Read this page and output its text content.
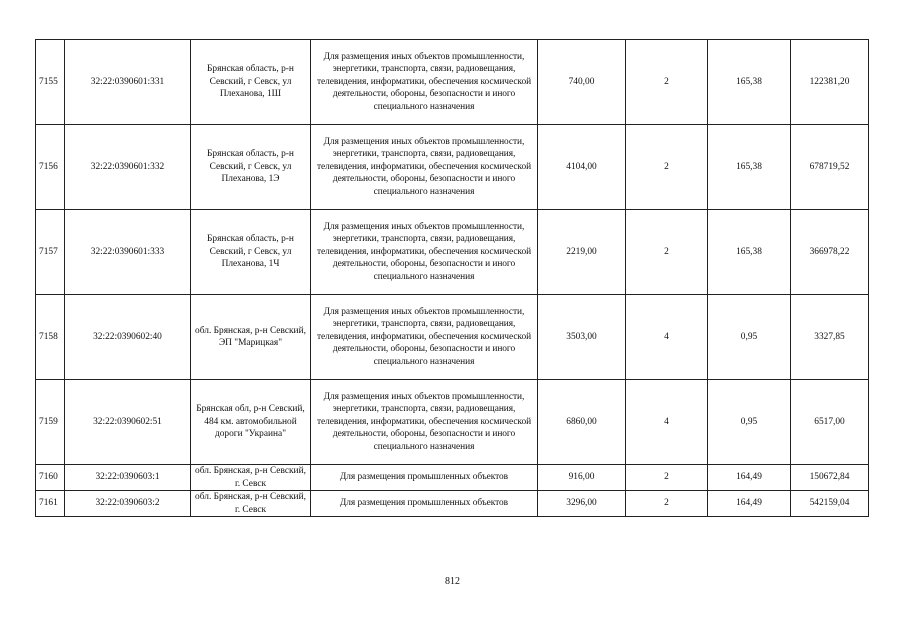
7155	32:22:0390601:331	Брянская область, р-н Севский, г Севск, ул Плеханова, 1Ш	Для размещения иных объектов промышленности, энергетики, транспорта, связи, радиовещания, телевидения, информатики, обеспечения космической деятельности, обороны, безопасности и иного специального назначения	740,00	2	165,38	122381,20
7156	32:22:0390601:332	Брянская область, р-н Севский, г Севск, ул Плеханова, 1Э	Для размещения иных объектов промышленности, энергетики, транспорта, связи, радиовещания, телевидения, информатики, обеспечения космической деятельности, обороны, безопасности и иного специального назначения	4104,00	2	165,38	678719,52
7157	32:22:0390601:333	Брянская область, р-н Севский, г Севск, ул Плеханова, 1Ч	Для размещения иных объектов промышленности, энергетики, транспорта, связи, радиовещания, телевидения, информатики, обеспечения космической деятельности, обороны, безопасности и иного специального назначения	2219,00	2	165,38	366978,22
7158	32:22:0390602:40	обл. Брянская, р-н Севский, ЭП "Марицкая"	Для размещения иных объектов промышленности, энергетики, транспорта, связи, радиовещания, телевидения, информатики, обеспечения космической деятельности, обороны, безопасности и иного специального назначения	3503,00	4	0,95	3327,85
7159	32:22:0390602:51	Брянская обл, р-н Севский, 484 км. автомобильной дороги "Украина"	Для размещения иных объектов промышленности, энергетики, транспорта, связи, радиовещания, телевидения, информатики, обеспечения космической деятельности, обороны, безопасности и иного специального назначения	6860,00	4	0,95	6517,00
7160	32:22:0390603:1	обл. Брянская, р-н Севский, г. Севск	Для размещения промышленных объектов	916,00	2	164,49	150672,84
7161	32:22:0390603:2	обл. Брянская, р-н Севский, г. Севск	Для размещения промышленных объектов	3296,00	2	164,49	542159,04
812
